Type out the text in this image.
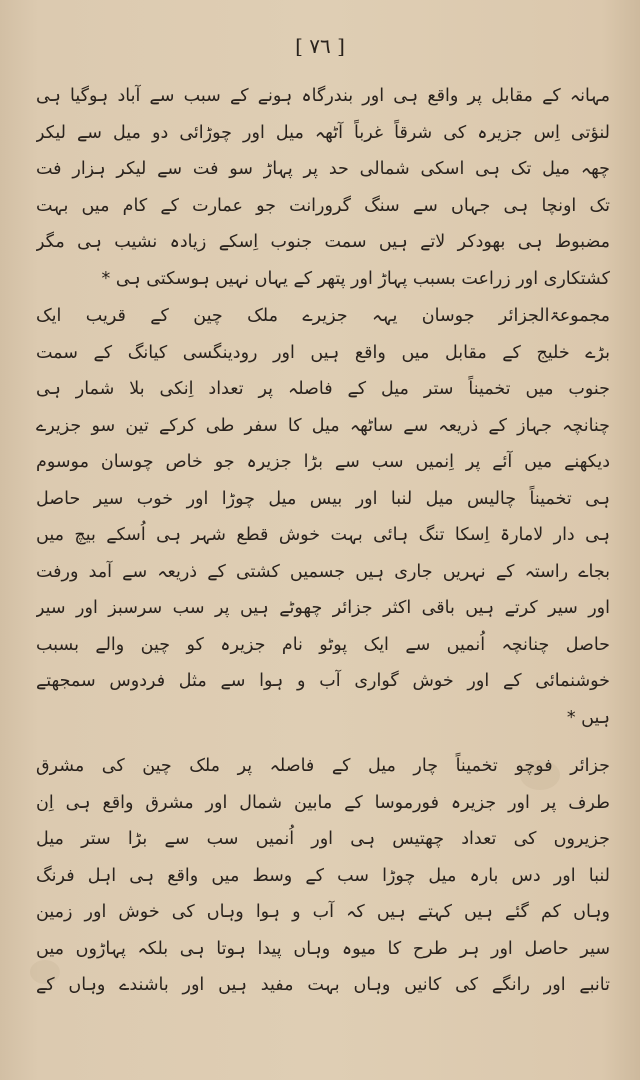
[ ٧٦ ]
مہانہ کے مقابل پر واقع ہی اور بندرگاہ ہونے کے سبب سے آباد ہوگیا ہی
لنؤتی اِس جزیرہ کی شرقاً غرباً آٹھہ میل اور چوڑائی دو میل سے لیکر
چھہ میل تک ہی اسکی شمالی حد پر پہاڑ سو فت سے لیکر ہزار فت
تک اونچا ہی جہاں سے سنگ گرورانت جو عمارت کے کام میں بہت
مضبوط ہی بھودکر لاتے ہیں سمت جنوب اِسکے زیادہ نشیب ہی مگر
کشتکاری اور زراعت بسبب پہاڑ اور پتھر کے یہاں نہیں ہوسکتی ہی *
مجموعۃالجزائر جوسان یہہ جزیرے ملک چین کے قریب ایک
بڑے خلیج کے مقابل میں واقع ہیں اور رودینگسی کیانگ کے سمت
جنوب میں تخمیناً ستر میل کے فاصلہ پر تعداد اِنکی بلا شمار ہی
چنانچہ جہاز کے ذریعہ سے ساٹھہ میل کا سفر طی کرکے تین سو جزیرے
دیکھنے میں آئے پر اِنمیں سب سے بڑا جزیرہ جو خاص چوسان موسوم
ہی تخمیناً چالیس میل لنبا اور بیس میل چوڑا اور خوب سیر حاصل
ہی دار لامارۃ اِسکا تنگ ہائی بہت خوش قطع شہر ہی اُسکے بیچ میں
بجاے راستہ کے نہریں جاری ہیں جسمیں کشتی کے ذریعہ سے آمد ورفت
اور سیر کرتے ہیں باقی اکثر جزائر چھوٹے ہیں پر سب سرسبز اور سیر
حاصل چنانچہ اُنمیں سے ایک پوٹو نام جزیرہ کو چین والے بسبب
خوشنمائی کے اور خوش گواری آب و ہوا سے مثل فردوس سمجھتے
ہیں *
جزائر فوچو تخمیناً چار میل کے فاصلہ پر ملک چین کی مشرق
طرف پر اور جزیرہ فورموسا کے مابین شمال اور مشرق واقع ہی اِن
جزیروں کی تعداد چھتیس ہی اور اُنمیں سب سے بڑا ستر میل
لنبا اور دس بارہ میل چوڑا سب کے وسط میں واقع ہی اہل فرنگ
وہاں کم گئے ہیں کہتے ہیں کہ آب و ہوا وہاں کی خوش اور زمین
سیر حاصل اور ہر طرح کا میوہ وہاں پیدا ہوتا ہی بلکہ پہاڑوں میں
تانبے اور رانگے کی کانیں وہاں بہت مفید ہیں اور باشندے وہاں کے
